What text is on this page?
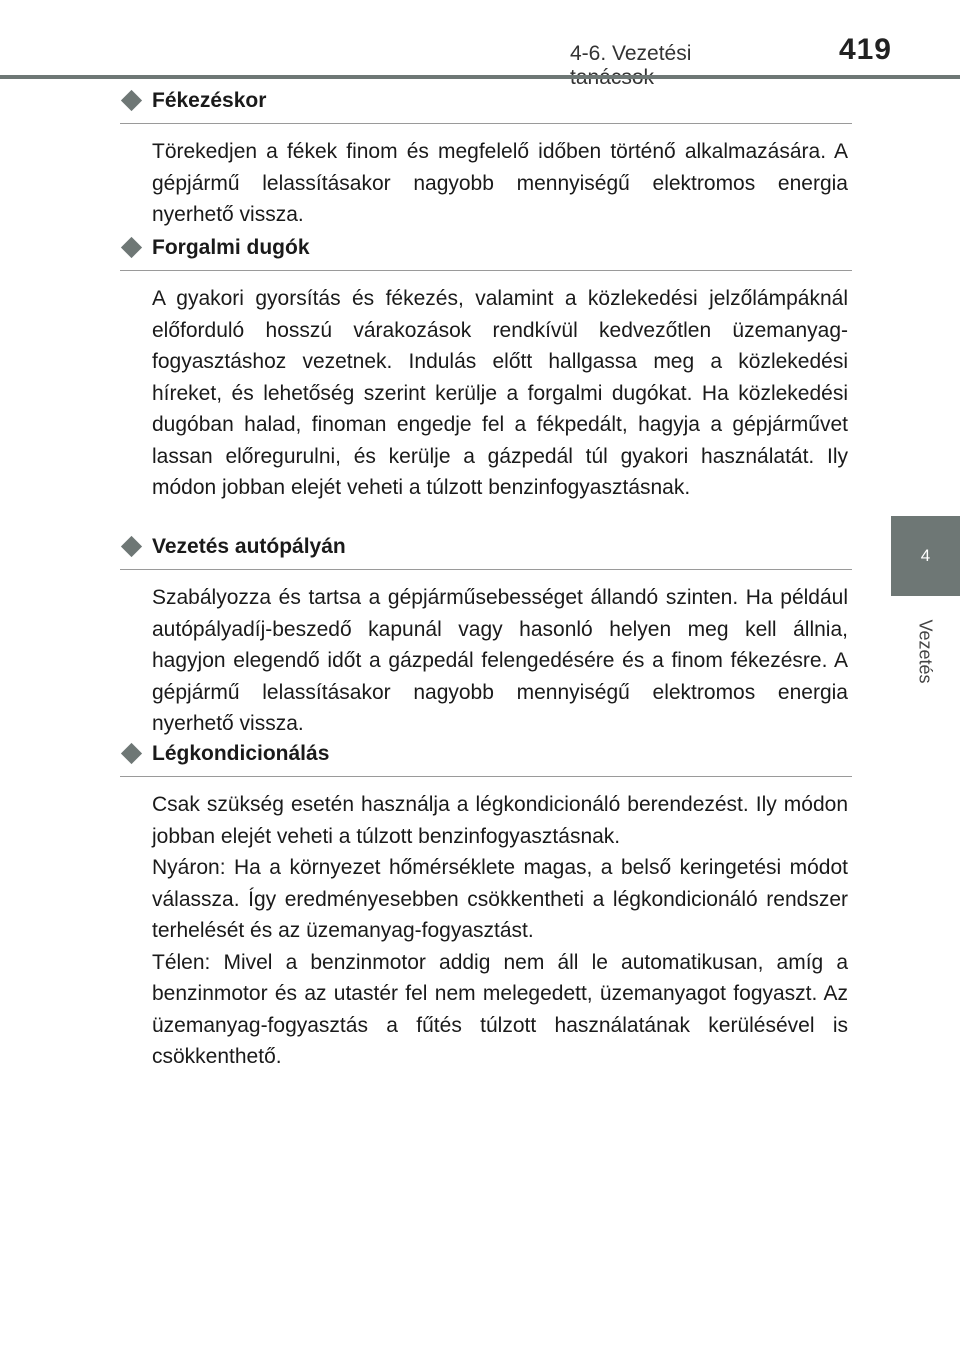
4-6. Vezetési	419
4
Vezetés
Fékezéskor

Törekedjen a fékek finom és megfelelő időben történő alkalmazására. A gépjármű lelassításakor nagyobb mennyiségű elektromos energia nyerhető vissza.

Forgalmi dugók

A gyakori gyorsítás és fékezés, valamint a közlekedési jelzőlámpáknál előforduló hosszú várakozások rendkívül kedvezőtlen üzemanyag-fogyasztáshoz vezetnek. Indulás előtt hallgassa meg a közlekedési híreket, és lehetőség szerint kerülje a forgalmi dugókat. Ha közlekedési dugóban halad, finoman engedje fel a fékpedált, hagyja a gépjárművet lassan előregurulni, és kerülje a gázpedál túl gyakori használatát. Ily módon jobban elejét veheti a túlzott benzinfogyasztásnak.

Vezetés autópályán

Szabályozza és tartsa a gépjárműsebességet állandó szinten. Ha például autópályadíj-beszedő kapunál vagy hasonló helyen meg kell állnia, hagyjon elegendő időt a gázpedál felengedésére és a finom fékezésre. A gépjármű lelassításakor nagyobb mennyiségű elektromos energia nyerhető vissza.

Légkondicionálás

Csak szükség esetén használja a légkondicionáló berendezést. Ily módon jobban elejét veheti a túlzott benzinfogyasztásnak.

Nyáron: Ha a környezet hőmérséklete magas, a belső keringetési módot válassza. Így eredményesebben csökkentheti a légkondicionáló rendszer terhelését és az üzemanyag-fogyasztást.

Télen: Mivel a benzinmotor addig nem áll le automatikusan, amíg a benzinmotor és az utastér fel nem melegedett, üzemanyagot fogyaszt. Az üzemanyag-fogyasztás a fűtés túlzott használatának kerülésével is csökkenthető.
